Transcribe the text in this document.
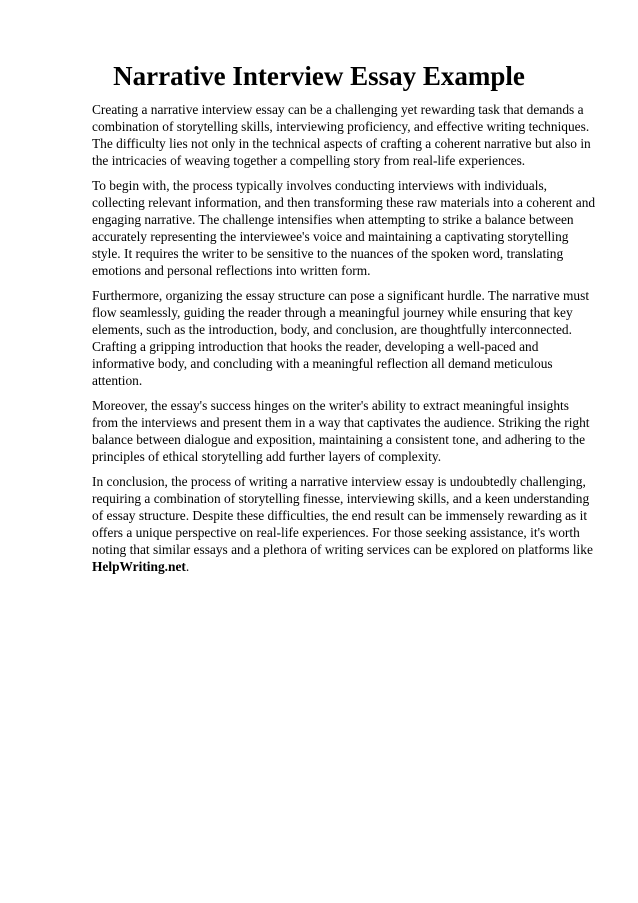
Narrative Interview Essay Example

Creating a narrative interview essay can be a challenging yet rewarding task that demands a combination of storytelling skills, interviewing proficiency, and effective writing techniques. The difficulty lies not only in the technical aspects of crafting a coherent narrative but also in the intricacies of weaving together a compelling story from real-life experiences.

To begin with, the process typically involves conducting interviews with individuals, collecting relevant information, and then transforming these raw materials into a coherent and engaging narrative. The challenge intensifies when attempting to strike a balance between accurately representing the interviewee's voice and maintaining a captivating storytelling style. It requires the writer to be sensitive to the nuances of the spoken word, translating emotions and personal reflections into written form.

Furthermore, organizing the essay structure can pose a significant hurdle. The narrative must flow seamlessly, guiding the reader through a meaningful journey while ensuring that key elements, such as the introduction, body, and conclusion, are thoughtfully interconnected. Crafting a gripping introduction that hooks the reader, developing a well-paced and informative body, and concluding with a meaningful reflection all demand meticulous attention.

Moreover, the essay's success hinges on the writer's ability to extract meaningful insights from the interviews and present them in a way that captivates the audience. Striking the right balance between dialogue and exposition, maintaining a consistent tone, and adhering to the principles of ethical storytelling add further layers of complexity.

In conclusion, the process of writing a narrative interview essay is undoubtedly challenging, requiring a combination of storytelling finesse, interviewing skills, and a keen understanding of essay structure. Despite these difficulties, the end result can be immensely rewarding as it offers a unique perspective on real-life experiences. For those seeking assistance, it's worth noting that similar essays and a plethora of writing services can be explored on platforms like
HelpWriting.net.
